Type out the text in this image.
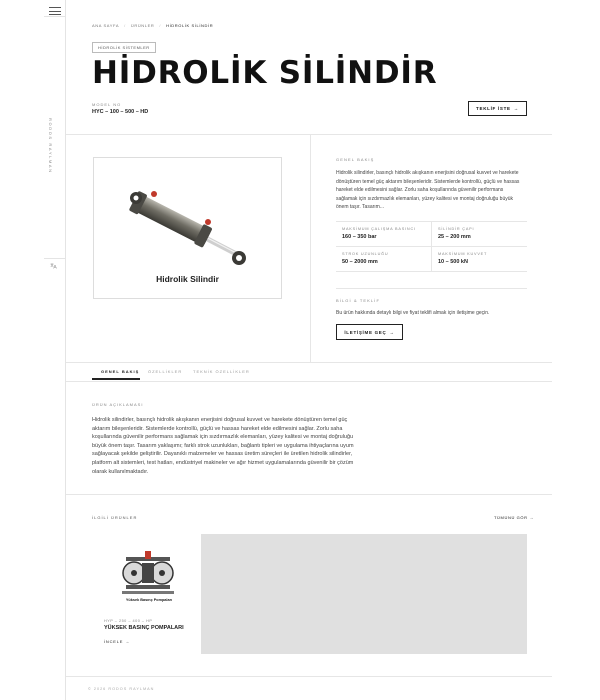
RODOS RAYLMAN
ANA SAYFA / ÜRÜNLER / HİDROLİK SİLİNDİR
HİDROLİK SİSTEMLER
HİDROLİK SİLİNDİR
MODEL NO
HYC – 100 – 500 – HD
TEKLİF İSTE →
Hidrolik Silindir
GENEL BAKIŞ
Hidrolik silindirler, basınçlı hidrolik akışkanın enerjisini doğrusal kuvvet ve harekete dönüştüren temel güç aktarım bileşenleridir. Sistemlerde kontrollü, güçlü ve hassas hareket elde edilmesini sağlar. Zorlu saha koşullarında güvenilir performans sağlamak için sızdırmazlık elemanları, yüzey kalitesi ve montaj doğruluğu büyük önem taşır. Tasarım...
MAKSİMUM ÇALIŞMA BASINCI
160 – 350 bar
SİLİNDİR ÇAPI
25 – 200 mm
STROK UZUNLUĞU
50 – 2000 mm
MAKSİMUM KUVVET
10 – 500 kN
BİLGİ & TEKLİF
Bu ürün hakkında detaylı bilgi ve fiyat teklifi almak için iletişime geçin.
İLETİŞİME GEÇ →
GENEL BAKIŞ ÖZELLİKLER	TEKNİK ÖZELLİKLER
ÜRÜN AÇIKLAMASI
Hidrolik silindirler, basınçlı hidrolik akışkanın enerjisini doğrusal kuvvet ve harekete dönüştüren temel güç aktarım bileşenleridir. Sistemlerde kontrollü, güçlü ve hassas hareket elde edilmesini sağlar. Zorlu saha koşullarında güvenilir performans sağlamak için sızdırmazlık elemanları, yüzey kalitesi ve montaj doğruluğu büyük önem taşır. Tasarım yaklaşımı; farklı strok uzunlukları, bağlantı tipleri ve uygulama ihtiyaçlarına uyum sağlayacak şekilde geliştirilir. Dayanıklı malzemeler ve hassas üretim süreçleri ile üretilen hidrolik silindirler, platform alt sistemleri, test hatları, endüstriyel makineler ve ağır hizmet uygulamalarında güvenilir bir çözüm olarak kullanılmaktadır.
İLGİLİ ÜRÜNLER	TÜMÜNÜ GÖR →
Yüksek Basınç Pompaları
HYP – 250 – 400 – HP
YÜKSEK BASINÇ POMPALARI
İNCELE →
© 2026 RODOS RAYLMAN
